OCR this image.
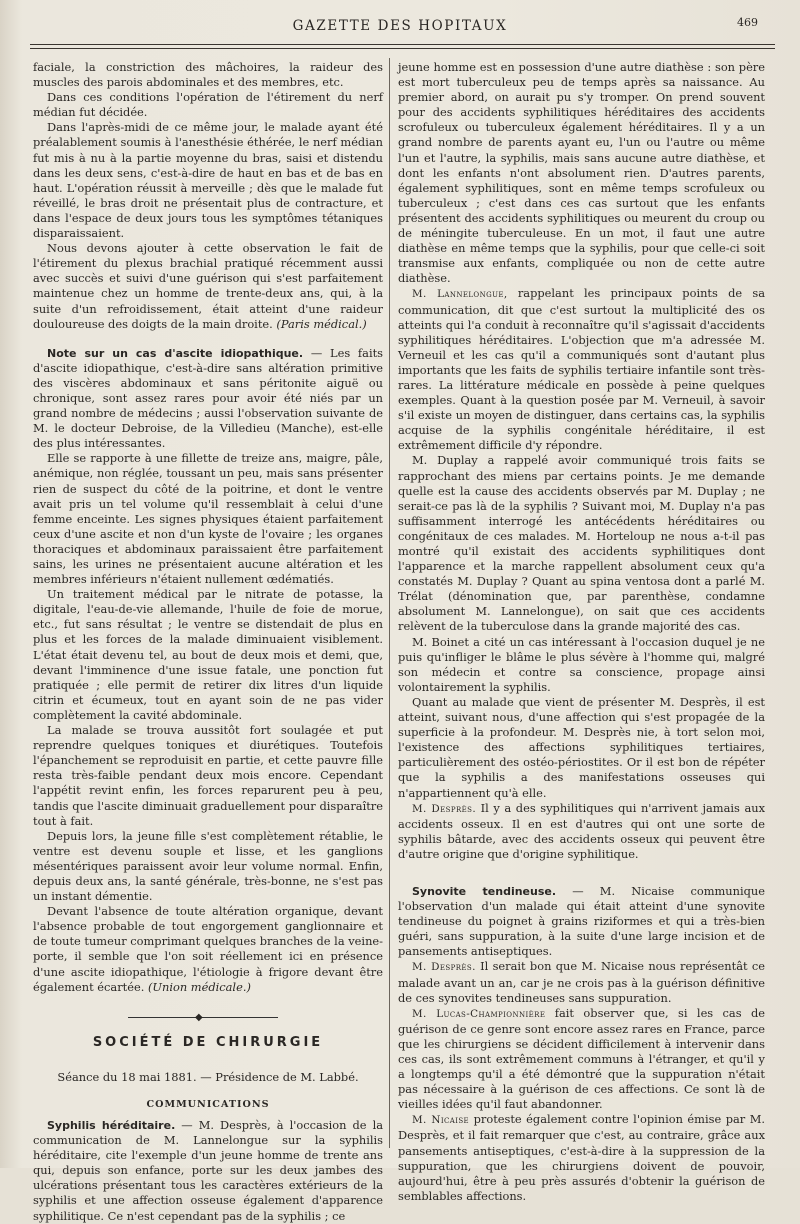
GAZETTE DES HOPITAUX	469

faciale, la constriction des mâchoires, la raideur des muscles des parois abdominales et des membres, etc.

Dans ces conditions l'opération de l'étirement du nerf médian fut décidée.

Dans l'après-midi de ce même jour, le malade ayant été préalablement soumis à l'anesthésie éthérée, le nerf médian fut mis à nu à la partie moyenne du bras, saisi et distendu dans les deux sens, c'est-à-dire de haut en bas et de bas en haut. L'opération réussit à merveille ; dès que le malade fut réveillé, le bras droit ne présentait plus de contracture, et dans l'espace de deux jours tous les symptômes tétaniques disparaissaient.

Nous devons ajouter à cette observation le fait de l'étirement du plexus brachial pratiqué récemment aussi avec succès et suivi d'une guérison qui s'est parfaitement maintenue chez un homme de trente-deux ans, qui, à la suite d'un refroidissement, était atteint d'une raideur douloureuse des doigts de la main droite. (Paris médical.)

Note sur un cas d'ascite idiopathique. — Les faits d'ascite idiopathique, c'est-à-dire sans altération primitive des viscères abdominaux et sans péritonite aiguë ou chronique, sont assez rares pour avoir été niés par un grand nombre de médecins ; aussi l'observation suivante de M. le docteur Debroise, de la Villedieu (Manche), est-elle des plus intéressantes.

Elle se rapporte à une fillette de treize ans, maigre, pâle, anémique, non réglée, toussant un peu, mais sans présenter rien de suspect du côté de la poitrine, et dont le ventre avait pris un tel volume qu'il ressemblait à celui d'une femme enceinte. Les signes physiques étaient parfaitement ceux d'une ascite et non d'un kyste de l'ovaire ; les organes thoraciques et abdominaux paraissaient être parfaitement sains, les urines ne présentaient aucune altération et les membres inférieurs n'étaient nullement œdématiés.

Un traitement médical par le nitrate de potasse, la digitale, l'eau-de-vie allemande, l'huile de foie de morue, etc., fut sans résultat ; le ventre se distendait de plus en plus et les forces de la malade diminuaient visiblement. L'état était devenu tel, au bout de deux mois et demi, que, devant l'imminence d'une issue fatale, une ponction fut pratiquée ; elle permit de retirer dix litres d'un liquide citrin et écumeux, tout en ayant soin de ne pas vider complètement la cavité abdominale.

La malade se trouva aussitôt fort soulagée et put reprendre quelques toniques et diurétiques. Toutefois l'épanchement se reproduisit en partie, et cette pauvre fille resta très-faible pendant deux mois encore. Cependant l'appétit revint enfin, les forces reparurent peu à peu, tandis que l'ascite diminuait graduellement pour disparaître tout à fait.

Depuis lors, la jeune fille s'est complètement rétablie, le ventre est devenu souple et lisse, et les ganglions mésentériques paraissent avoir leur volume normal. Enfin, depuis deux ans, la santé générale, très-bonne, ne s'est pas un instant démentie.

Devant l'absence de toute altération organique, devant l'absence probable de tout engorgement ganglionnaire et de toute tumeur comprimant quelques branches de la veine-porte, il semble que l'on soit réellement ici en présence d'une ascite idiopathique, l'étiologie à frigore devant être également écartée. (Union médicale.)

◆
SOCIÉTÉ DE CHIRURGIE

Séance du 18 mai 1881. — Présidence de M. Labbé.

COMMUNICATIONS

Syphilis héréditaire. — M. Desprès, à l'occasion de la communication de M. Lannelongue sur la syphilis héréditaire, cite l'exemple d'un jeune homme de trente ans qui, depuis son enfance, porte sur les deux jambes des ulcérations présentant tous les caractères extérieurs de la syphilis et une affection osseuse également d'apparence syphilitique. Ce n'est cependant pas de la syphilis ; ce

jeune homme est en possession d'une autre diathèse : son père est mort tuberculeux peu de temps après sa naissance. Au premier abord, on aurait pu s'y tromper. On prend souvent pour des accidents syphilitiques héréditaires des accidents scrofuleux ou tuberculeux également héréditaires. Il y a un grand nombre de parents ayant eu, l'un ou l'autre ou même l'un et l'autre, la syphilis, mais sans aucune autre diathèse, et dont les enfants n'ont absolument rien. D'autres parents, également syphilitiques, sont en même temps scrofuleux ou tuberculeux ; c'est dans ces cas surtout que les enfants présentent des accidents syphilitiques ou meurent du croup ou de méningite tuberculeuse. En un mot, il faut une autre diathèse en même temps que la syphilis, pour que celle-ci soit transmise aux enfants, compliquée ou non de cette autre diathèse.

M. Lannelongue, rappelant les principaux points de sa communication, dit que c'est surtout la multiplicité des os atteints qui l'a conduit à reconnaître qu'il s'agissait d'accidents syphilitiques héréditaires. L'objection que m'a adressée M. Verneuil et les cas qu'il a communiqués sont d'autant plus importants que les faits de syphilis tertiaire infantile sont très-rares. La littérature médicale en possède à peine quelques exemples. Quant à la question posée par M. Verneuil, à savoir s'il existe un moyen de distinguer, dans certains cas, la syphilis acquise de la syphilis congénitale héréditaire, il est extrêmement difficile d'y répondre.

M. Duplay a rappelé avoir communiqué trois faits se rapprochant des miens par certains points. Je me demande quelle est la cause des accidents observés par M. Duplay ; ne serait-ce pas là de la syphilis ? Suivant moi, M. Duplay n'a pas suffisamment interrogé les antécédents héréditaires ou congénitaux de ces malades. M. Horteloup ne nous a-t-il pas montré qu'il existait des accidents syphilitiques dont l'apparence et la marche rappellent absolument ceux qu'a constatés M. Duplay ? Quant au spina ventosa dont a parlé M. Trélat (dénomination que, par parenthèse, condamne absolument M. Lannelongue), on sait que ces accidents relèvent de la tuberculose dans la grande majorité des cas.

M. Boinet a cité un cas intéressant à l'occasion duquel je ne puis qu'infliger le blâme le plus sévère à l'homme qui, malgré son médecin et contre sa conscience, propage ainsi volontairement la syphilis.

Quant au malade que vient de présenter M. Desprès, il est atteint, suivant nous, d'une affection qui s'est propagée de la superficie à la profondeur. M. Desprès nie, à tort selon moi, l'existence des affections syphilitiques tertiaires, particulièrement des ostéo-périostites. Or il est bon de répéter que la syphilis a des manifestations osseuses qui n'appartiennent qu'à elle.

M. Desprès. Il y a des syphilitiques qui n'arrivent jamais aux accidents osseux. Il en est d'autres qui ont une sorte de syphilis bâtarde, avec des accidents osseux qui peuvent être d'autre origine que d'origine syphilitique.

Synovite tendineuse. — M. Nicaise communique l'observation d'un malade qui était atteint d'une synovite tendineuse du poignet à grains riziformes et qui a très-bien guéri, sans suppuration, à la suite d'une large incision et de pansements antiseptiques.

M. Desprès. Il serait bon que M. Nicaise nous représentât ce malade avant un an, car je ne crois pas à la guérison définitive de ces synovites tendineuses sans suppuration.

M. Lucas-Championnière fait observer que, si les cas de guérison de ce genre sont encore assez rares en France, parce que les chirurgiens se décident difficilement à intervenir dans ces cas, ils sont extrêmement communs à l'étranger, et qu'il y a longtemps qu'il a été démontré que la suppuration n'était pas nécessaire à la guérison de ces affections. Ce sont là de vieilles idées qu'il faut abandonner.

M. Nicaise proteste également contre l'opinion émise par M. Desprès, et il fait remarquer que c'est, au contraire, grâce aux pansements antiseptiques, c'est-à-dire à la suppression de la suppuration, que les chirurgiens doivent de pouvoir, aujourd'hui, être à peu près assurés d'obtenir la guérison de semblables affections.
